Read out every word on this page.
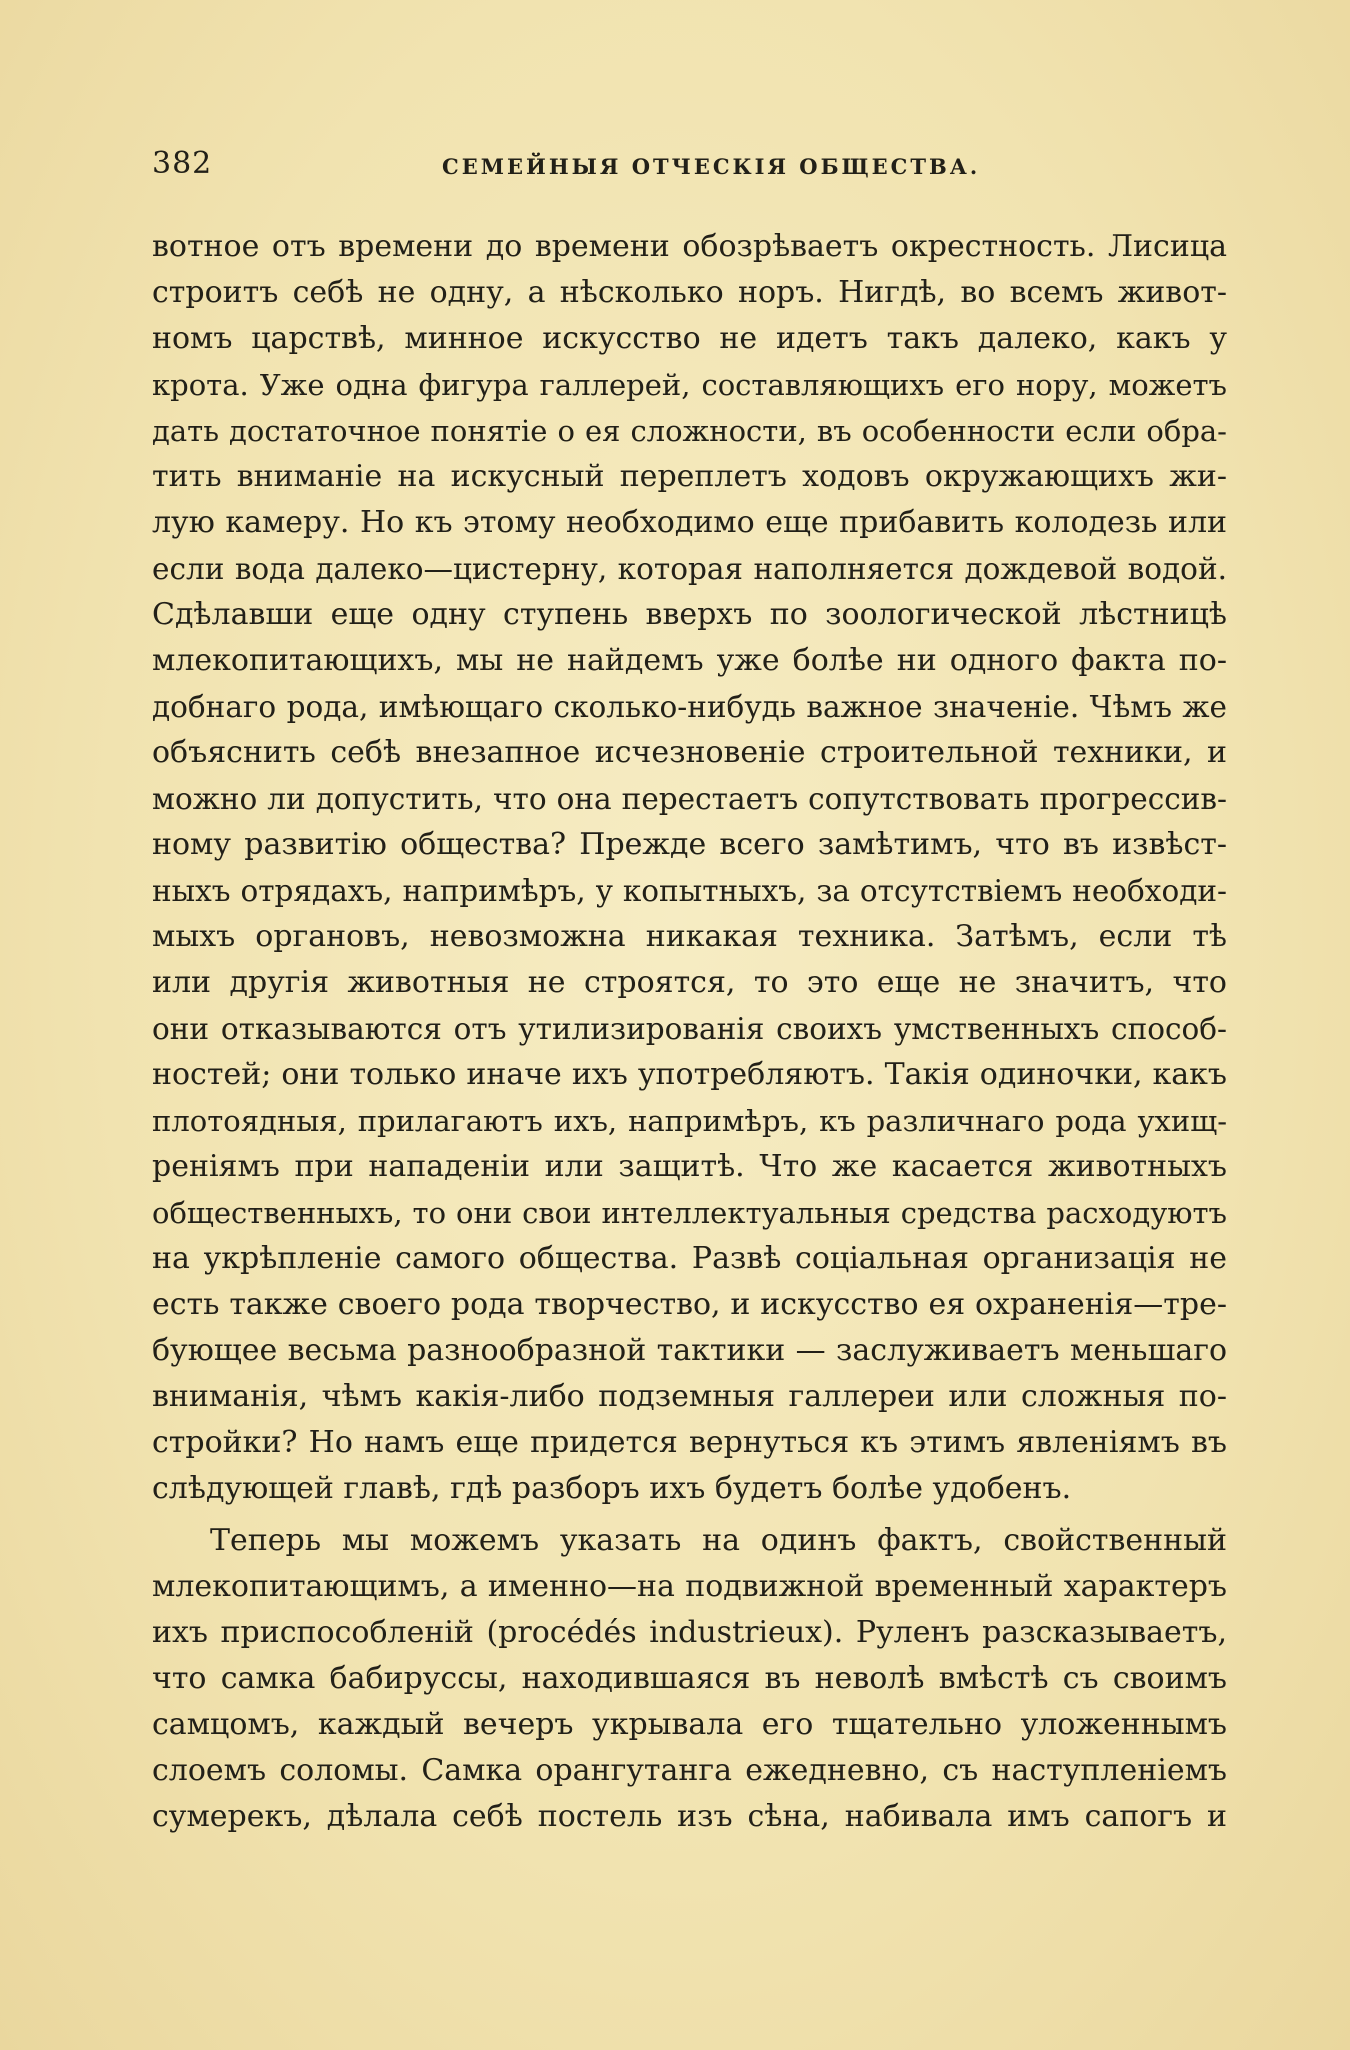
382	СЕМЕЙНЫЯ ОТЧЕСКІЯ ОБЩЕСТВА.
вотное отъ времени до времени обозрѣваетъ окрестность. Лисица
строитъ себѣ не одну, а нѣсколько норъ. Нигдѣ, во всемъ живот-
номъ царствѣ, минное искусство не идетъ такъ далеко, какъ у
крота. Уже одна фигура галлерей, составляющихъ его нору, можетъ
дать достаточное понятіе о ея сложности, въ особенности если обра-
тить вниманіе на искусный переплетъ ходовъ окружающихъ жи-
лую камеру. Но къ этому необходимо еще прибавить колодезь или
если вода далеко—цистерну, которая наполняется дождевой водой.
Сдѣлавши еще одну ступень вверхъ по зоологической лѣстницѣ
млекопитающихъ, мы не найдемъ уже болѣе ни одного факта по-
добнаго рода, имѣющаго сколько-нибудь важное значеніе. Чѣмъ же
объяснить себѣ внезапное исчезновеніе строительной техники, и
можно ли допустить, что она перестаетъ сопутствовать прогрессив-
ному развитію общества? Прежде всего замѣтимъ, что въ извѣст-
ныхъ отрядахъ, напримѣръ, у копытныхъ, за отсутствіемъ необходи-
мыхъ органовъ, невозможна никакая техника. Затѣмъ, если тѣ
или другія животныя не строятся, то это еще не значитъ, что
они отказываются отъ утилизированія своихъ умственныхъ способ-
ностей; они только иначе ихъ употребляютъ. Такія одиночки, какъ
плотоядныя, прилагаютъ ихъ, напримѣръ, къ различнаго рода ухищ-
реніямъ при нападеніи или защитѣ. Что же касается животныхъ
общественныхъ, то они свои интеллектуальныя средства расходуютъ
на укрѣпленіе самого общества. Развѣ соціальная организація не
есть также своего рода творчество, и искусство ея охраненія—тре-
бующее весьма разнообразной тактики — заслуживаетъ меньшаго
вниманія, чѣмъ какія-либо подземныя галлереи или сложныя по-
стройки? Но намъ еще придется вернуться къ этимъ явленіямъ въ
слѣдующей главѣ, гдѣ разборъ ихъ будетъ болѣе удобенъ.
Теперь мы можемъ указать на одинъ фактъ, свойственный
млекопитающимъ, а именно—на подвижной временный характеръ
ихъ приспособленій (procédés industrieux). Руленъ разсказываетъ,
что самка бабируссы, находившаяся въ неволѣ вмѣстѣ съ своимъ
самцомъ, каждый вечеръ укрывала его тщательно уложеннымъ
слоемъ соломы. Самка орангутанга ежедневно, съ наступленіемъ
сумерекъ, дѣлала себѣ постель изъ сѣна, набивала имъ сапогъ и
